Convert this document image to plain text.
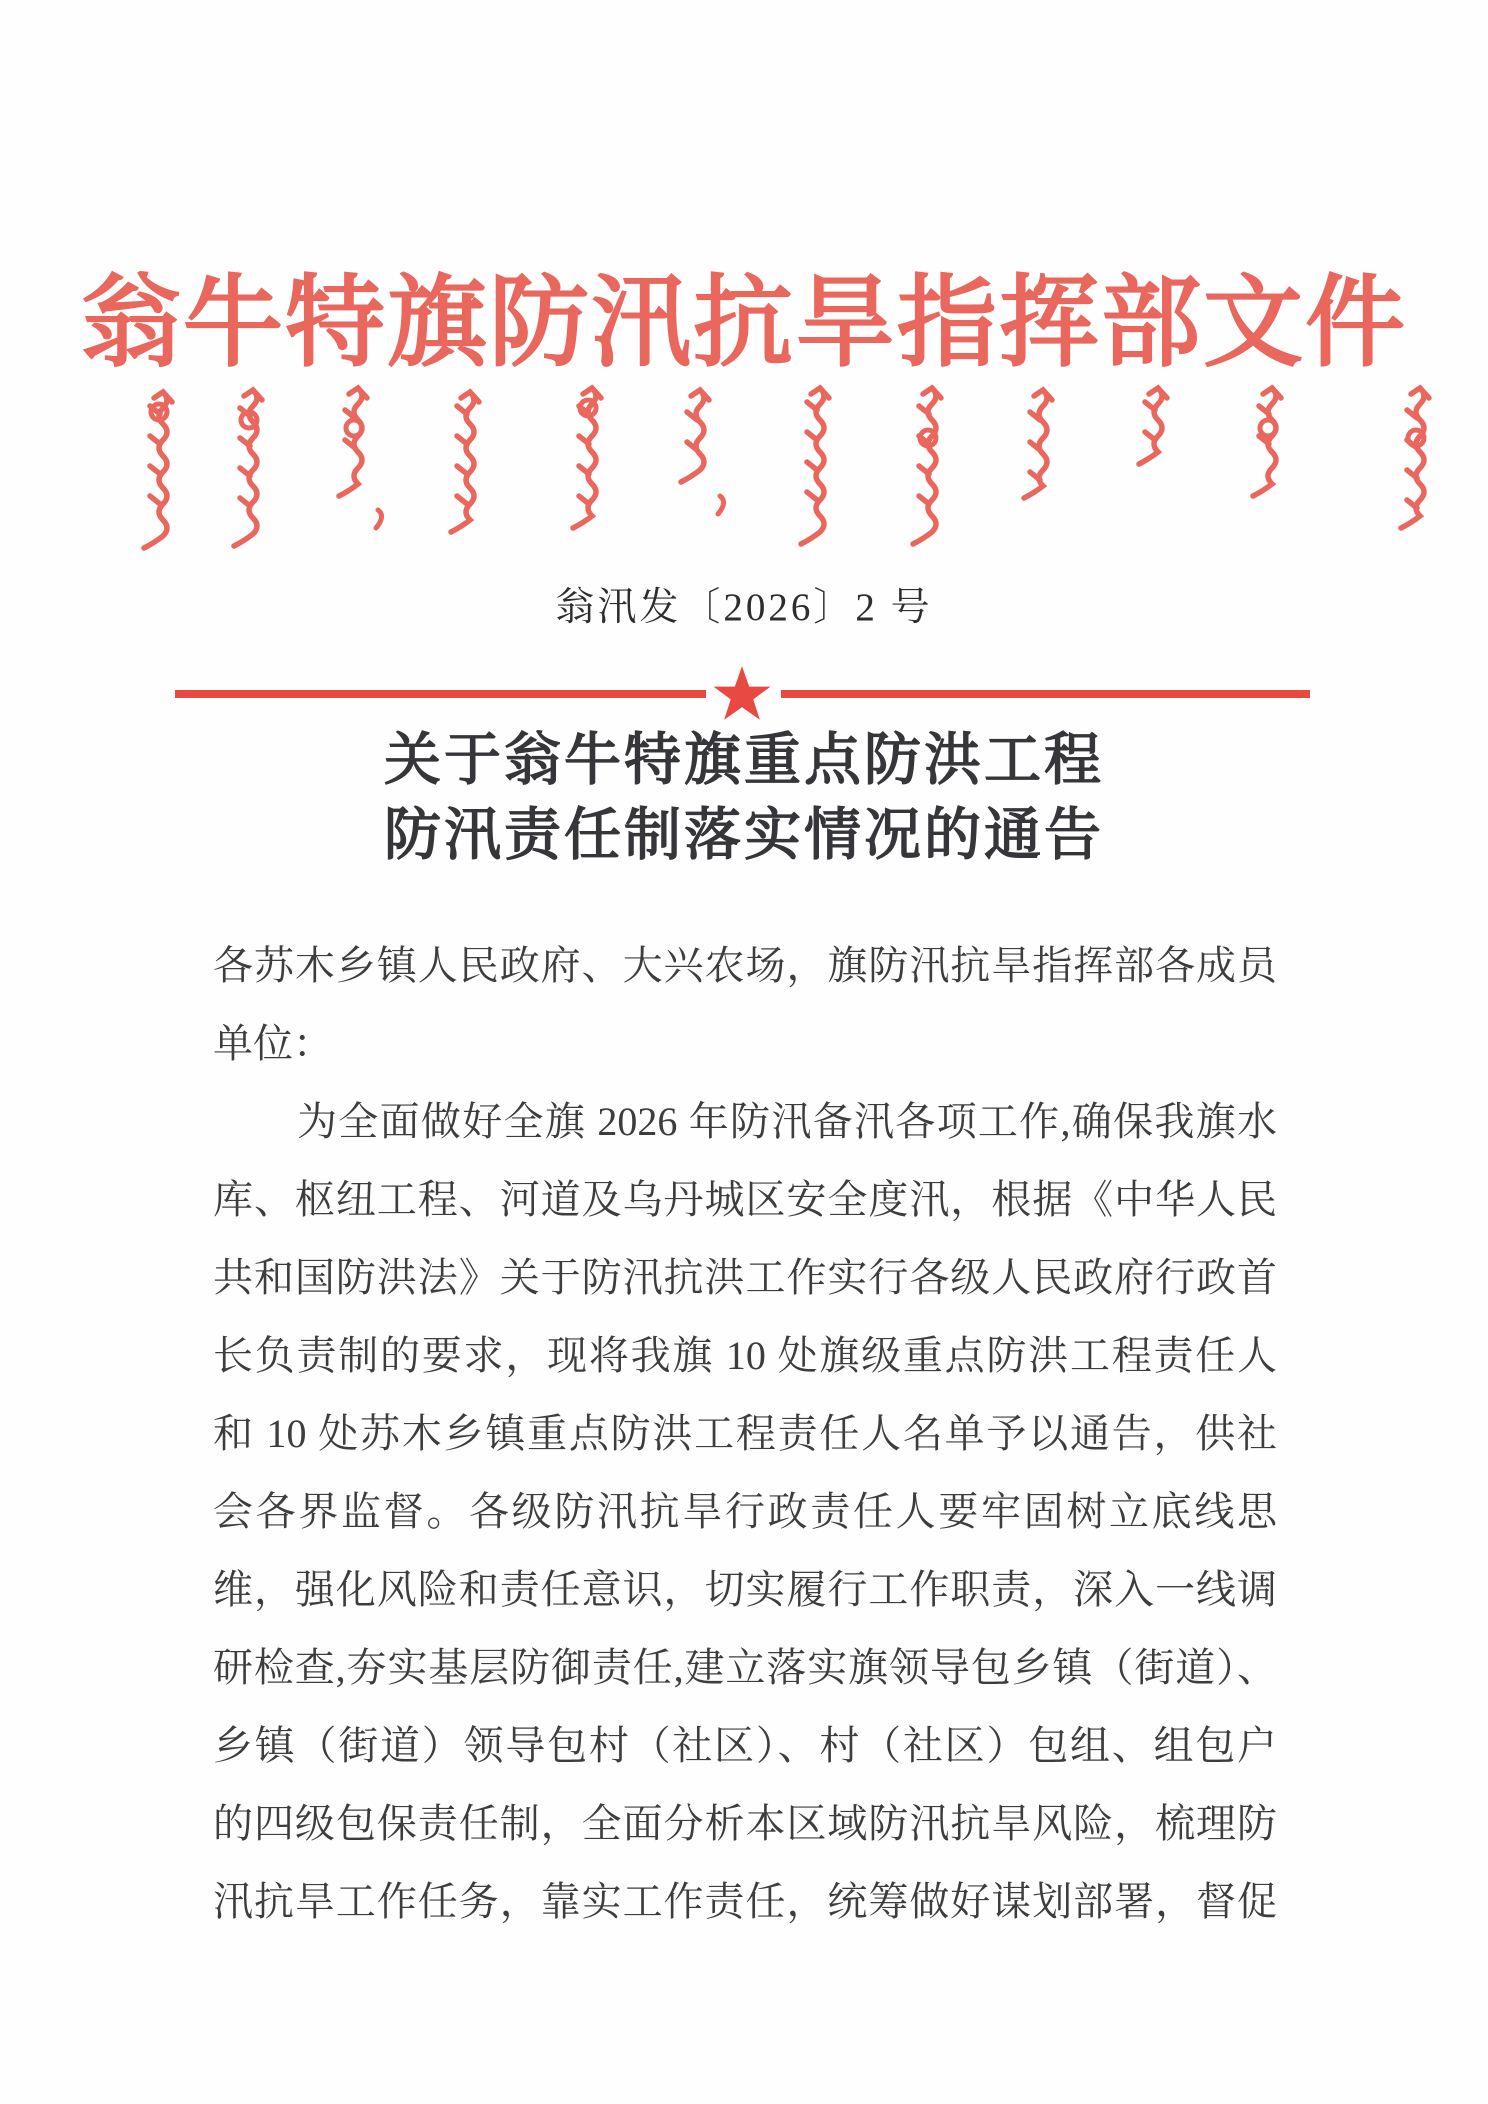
翁牛特旗防汛抗旱指挥部文件
翁汛发〔2026〕2 号
关于翁牛特旗重点防洪工程
防汛责任制落实情况的通告
各苏木乡镇人民政府、大兴农场，旗防汛抗旱指挥部各成员
单位：
为全面做好全旗 2026 年防汛备汛各项工作,确保我旗水
库、枢纽工程、河道及乌丹城区安全度汛，根据《中华人民
共和国防洪法》关于防汛抗洪工作实行各级人民政府行政首
长负责制的要求，现将我旗 10 处旗级重点防洪工程责任人
和 10 处苏木乡镇重点防洪工程责任人名单予以通告，供社
会各界监督。各级防汛抗旱行政责任人要牢固树立底线思
维，强化风险和责任意识，切实履行工作职责，深入一线调
研检查,夯实基层防御责任,建立落实旗领导包乡镇（街道）、
乡镇（街道）领导包村（社区）、村（社区）包组、组包户
的四级包保责任制，全面分析本区域防汛抗旱风险，梳理防
汛抗旱工作任务，靠实工作责任，统筹做好谋划部署，督促
